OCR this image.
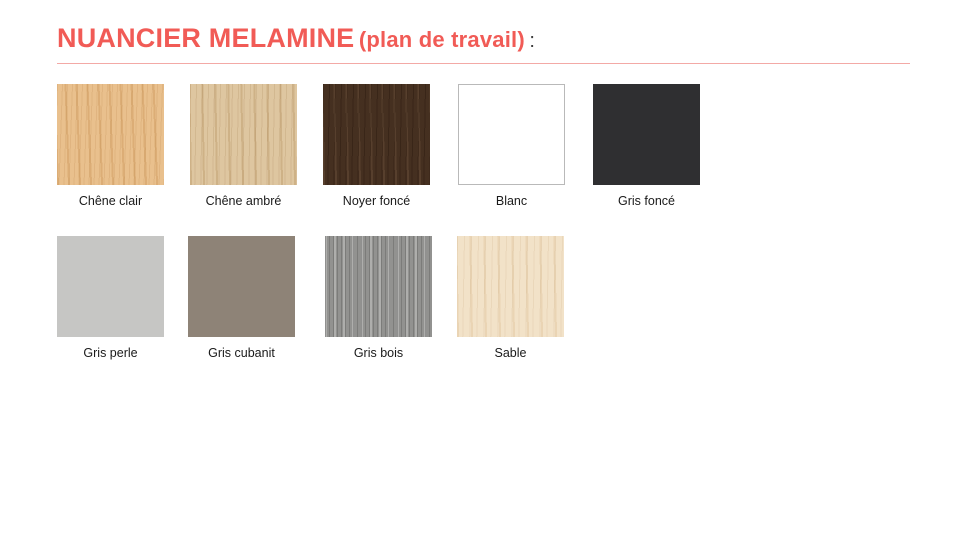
NUANCIER MELAMINE (plan de travail) :
Chêne clair	Chêne ambré	Noyer foncé	Blanc	Gris foncé
Gris perle	Gris cubanit	Gris bois	Sable
